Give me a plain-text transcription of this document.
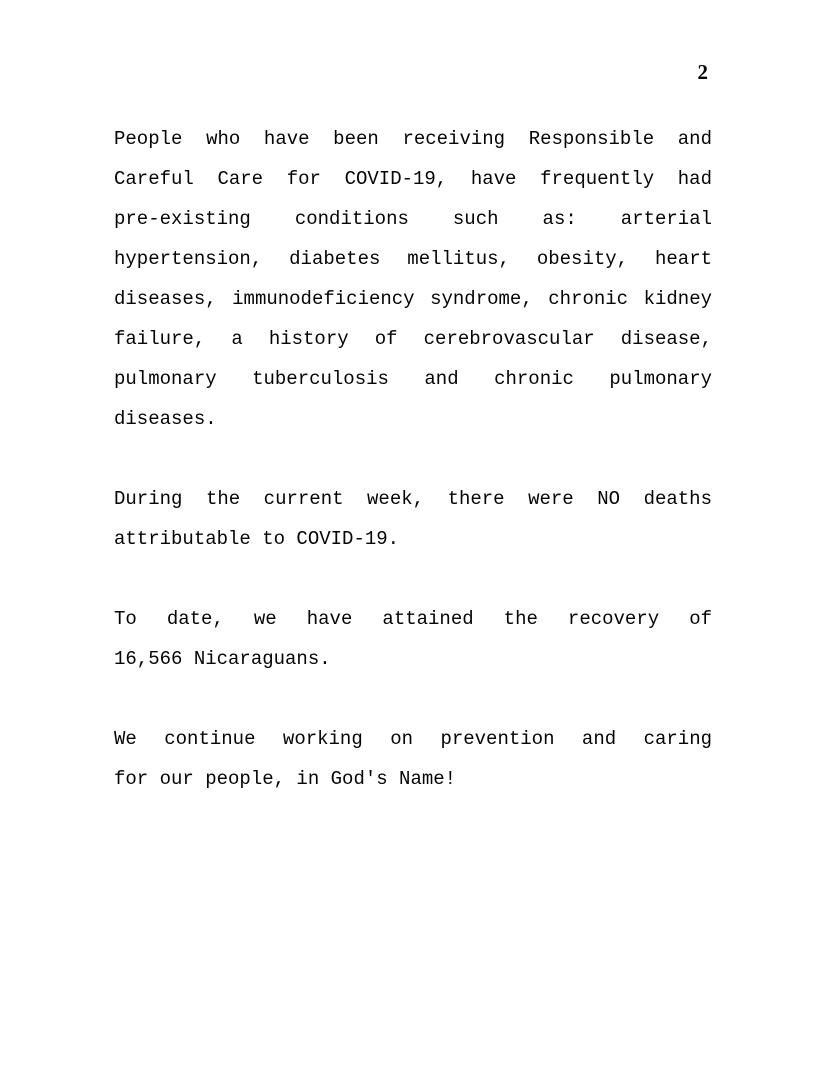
2
People who have been receiving Responsible and
Careful Care for COVID-19, have frequently had
pre-existing conditions such as: arterial
hypertension, diabetes mellitus, obesity, heart
diseases, immunodeficiency syndrome, chronic kidney
failure, a history of cerebrovascular disease,
pulmonary tuberculosis and chronic pulmonary
diseases.
During the current week, there were NO deaths
attributable to COVID-19.
To date, we have attained the recovery of
16,566 Nicaraguans.
We continue working on prevention and caring
for our people, in God's Name!
